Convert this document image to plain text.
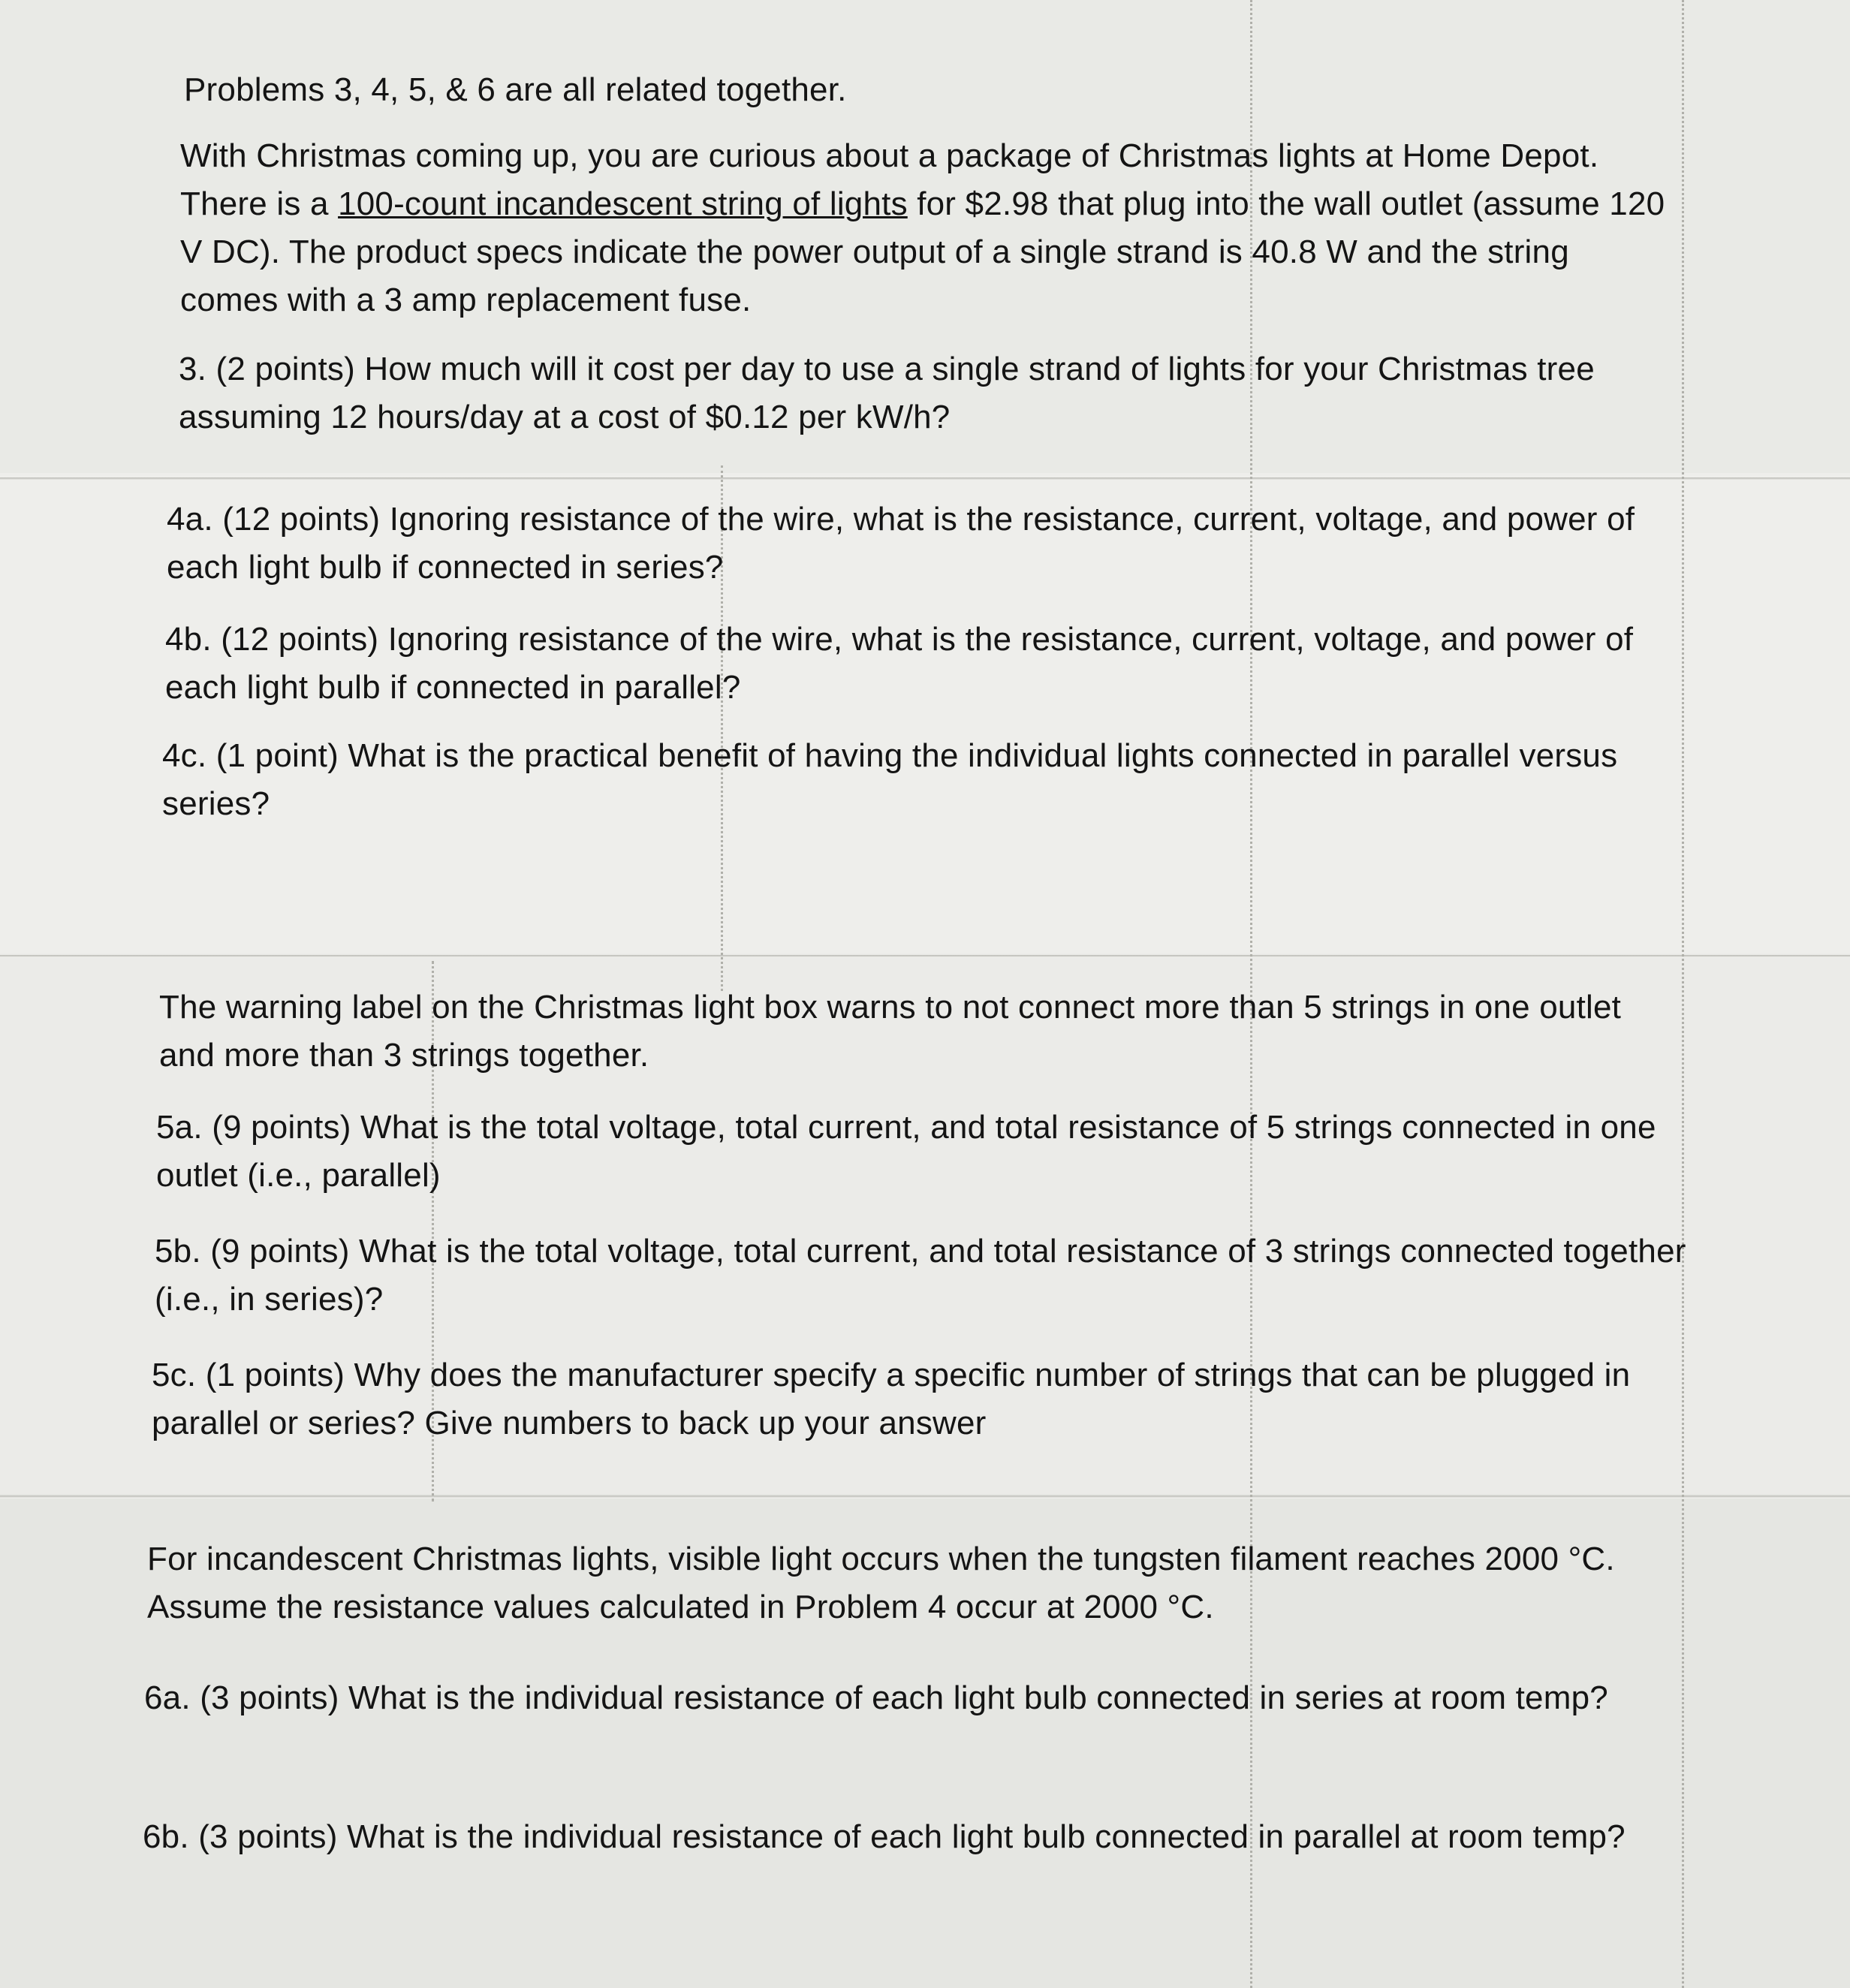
Problems 3, 4, 5, & 6 are all related together.

With Christmas coming up, you are curious about a package of Christmas lights at Home Depot. There is a 100-count incandescent string of lights for $2.98 that plug into the wall outlet (assume 120 V DC). The product specs indicate the power output of a single strand is 40.8 W and the string comes with a 3 amp replacement fuse.

3. (2 points) How much will it cost per day to use a single strand of lights for your Christmas tree assuming 12 hours/day at a cost of $0.12 per kW/h?

4a. (12 points) Ignoring resistance of the wire, what is the resistance, current, voltage, and power of each light bulb if connected in series?

4b. (12 points) Ignoring resistance of the wire, what is the resistance, current, voltage, and power of each light bulb if connected in parallel?

4c. (1 point) What is the practical benefit of having the individual lights connected in parallel versus series?

The warning label on the Christmas light box warns to not connect more than 5 strings in one outlet and more than 3 strings together.

5a. (9 points) What is the total voltage, total current, and total resistance of 5 strings connected in one outlet (i.e., parallel)

5b. (9 points) What is the total voltage, total current, and total resistance of 3 strings connected together (i.e., in series)?

5c. (1 points) Why does the manufacturer specify a specific number of strings that can be plugged in parallel or series? Give numbers to back up your answer

For incandescent Christmas lights, visible light occurs when the tungsten filament reaches 2000 °C. Assume the resistance values calculated in Problem 4 occur at 2000 °C.

6a. (3 points) What is the individual resistance of each light bulb connected in series at room temp?

6b. (3 points) What is the individual resistance of each light bulb connected in parallel at room temp?
